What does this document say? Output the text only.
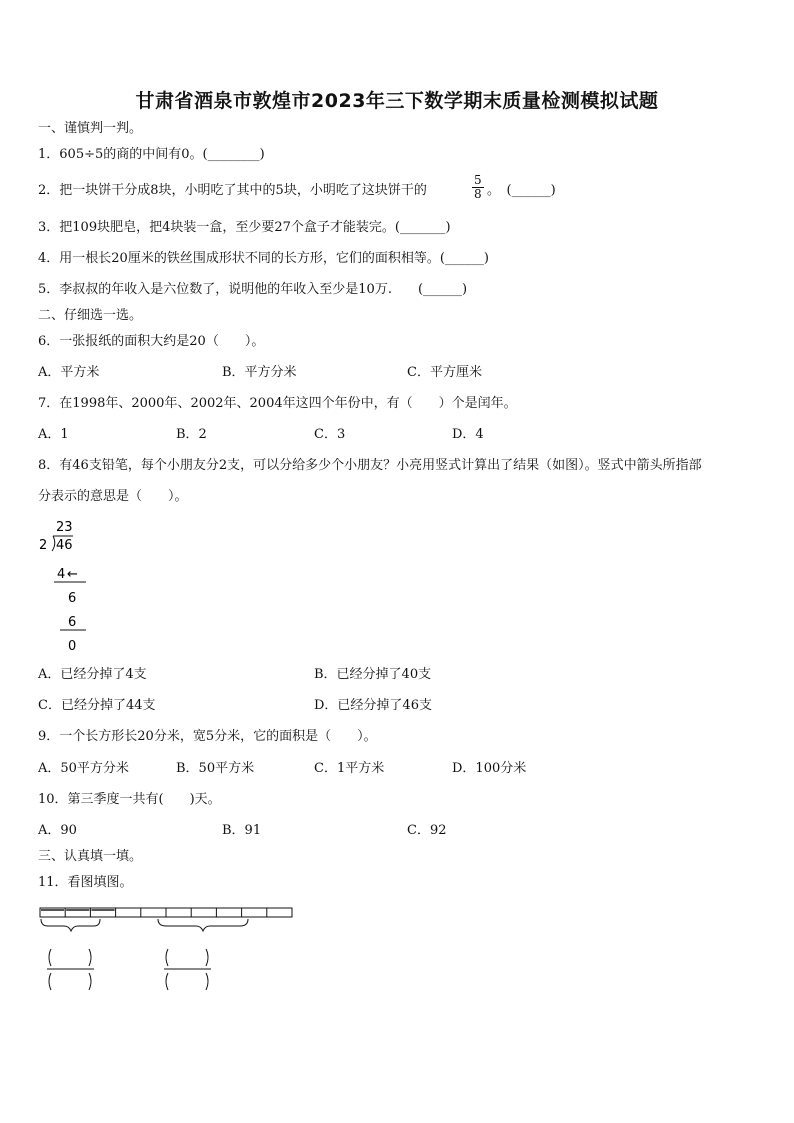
甘肃省酒泉市敦煌市2023年三下数学期末质量检测模拟试题
一、谨慎判一判。
1．605÷5的商的中间有0。(________)
2．把一块饼干分成8块，小明吃了其中的5块，小明吃了这块饼干的	$\frac{5}{8}$ 。　(______)
3．把109块肥皂，把4块装一盒，至少要27个盒子才能装完。(_______)
4．用一根长20厘米的铁丝围成形状不同的长方形，它们的面积相等。(______)
5．李叔叔的年收入是六位数了，说明他的年收入至少是10万.　　(______)
二、仔细选一选。
6．一张报纸的面积大约是20（　　）。
A．平方米	B．平方分米	C．平方厘米
7．在1998年、2000年、2002年、2004年这四个年份中，有（　　）个是闰年。
A．1	B．2	C．3	D．4
8．有46支铅笔，每个小朋友分2支，可以分给多少个小朋友？小亮用竖式计算出了结果（如图）。竖式中箭头所指部
分表示的意思是（　　）。
23
2 46
4 ←
6
6
0
A．已经分掉了4支	B．已经分掉了40支
C．已经分掉了44支	D．已经分掉了46支
9．一个长方形长20分米，宽5分米，它的面积是（　　）。
A．50平方分米	B．50平方米	C．1平方米	D．100分米
10．第三季度一共有(　　)天。
A．90	B．91	C．92
三、认真填一填。
11．看图填图。
